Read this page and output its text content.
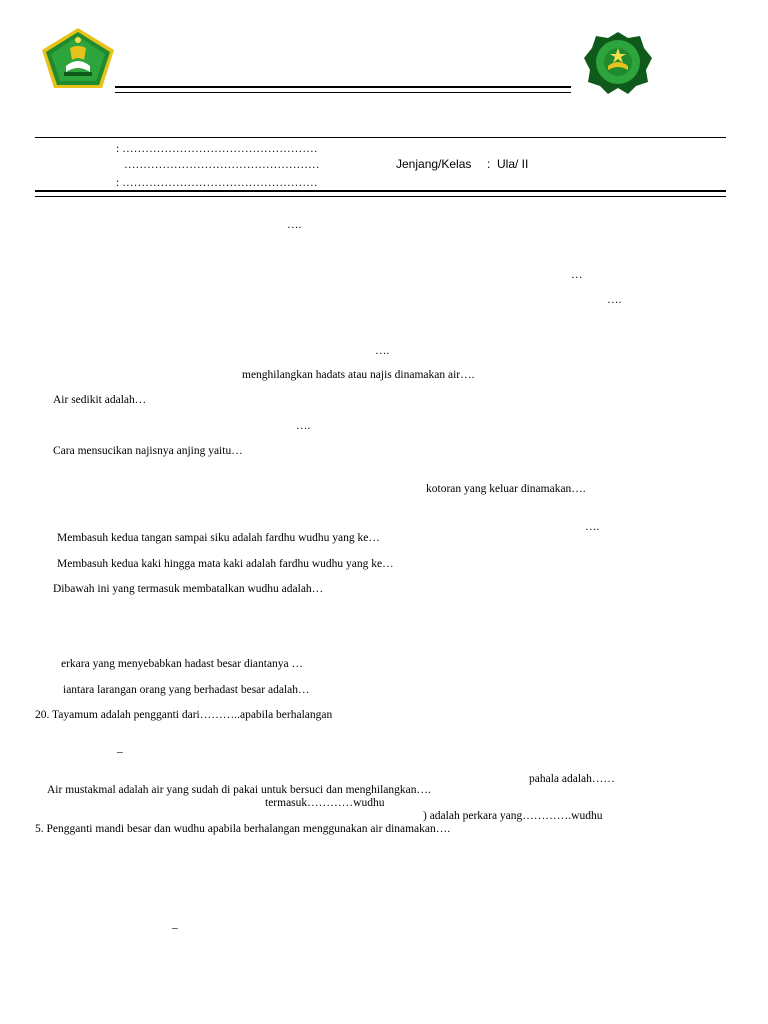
: ……………………………………………
……………………………………………
: ……………………………………………
Jenjang/Kelas :  Ula/ II
….
…
….
….
menghilangkan hadats atau najis dinamakan air….
Air sedikit adalah…
….
Cara mensucikan najisnya anjing yaitu…
kotoran yang keluar dinamakan….
….
Membasuh kedua tangan sampai siku adalah fardhu wudhu yang ke…
Membasuh kedua kaki hingga mata kaki adalah fardhu wudhu yang ke…
Dibawah ini yang termasuk membatalkan wudhu adalah…
erkara yang menyebabkan hadast besar diantanya …
iantara larangan orang yang berhadast besar adalah…
20. Tayamum adalah pengganti dari………..apabila berhalangan
–
pahala adalah……
Air mustakmal adalah air yang sudah di pakai untuk bersuci dan menghilangkan….
termasuk…………wudhu
) adalah perkara yang………….wudhu
5. Pengganti mandi besar dan wudhu apabila berhalangan menggunakan air dinamakan….
–
